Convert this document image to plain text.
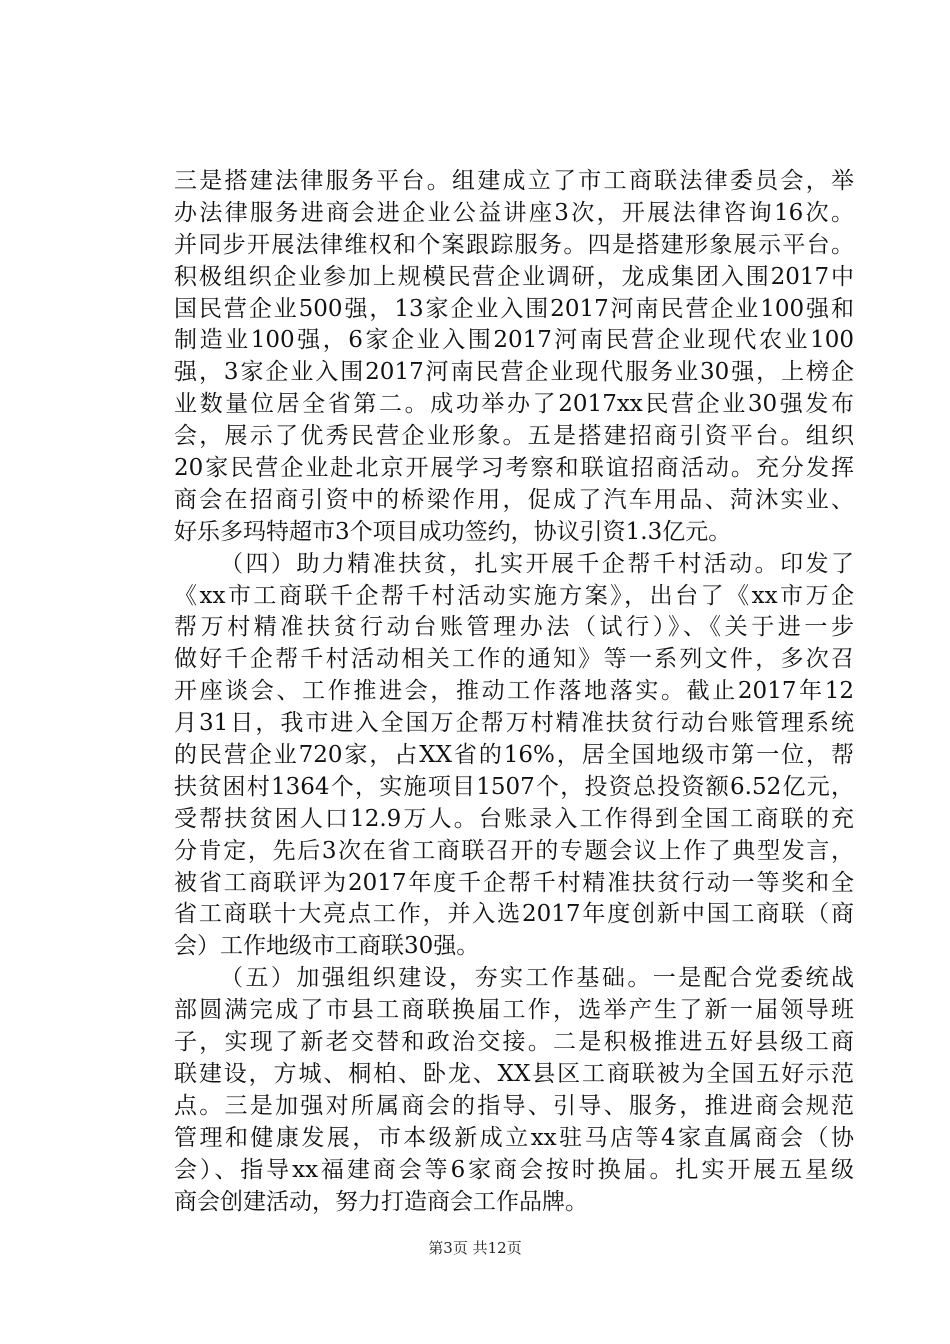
三是搭建法律服务平台。组建成立了市工商联法律委员会，举
办法律服务进商会进企业公益讲座3次，开展法律咨询16次。
并同步开展法律维权和个案跟踪服务。四是搭建形象展示平台。
积极组织企业参加上规模民营企业调研，龙成集团入围2017中
国民营企业500强，13家企业入围2017河南民营企业100强和
制造业100强，6家企业入围2017河南民营企业现代农业100
强，3家企业入围2017河南民营企业现代服务业30强，上榜企
业数量位居全省第二。成功举办了2017xx民营企业30强发布
会，展示了优秀民营企业形象。五是搭建招商引资平台。组织
20家民营企业赴北京开展学习考察和联谊招商活动。充分发挥
商会在招商引资中的桥梁作用，促成了汽车用品、菏沐实业、
好乐多玛特超市3个项目成功签约，协议引资1.3亿元。
（四）助力精准扶贫，扎实开展千企帮千村活动。印发了
《xx市工商联千企帮千村活动实施方案》，出台了《xx市万企
帮万村精准扶贫行动台账管理办法（试行）》、《关于进一步
做好千企帮千村活动相关工作的通知》等一系列文件，多次召
开座谈会、工作推进会，推动工作落地落实。截止2017年12
月31日，我市进入全国万企帮万村精准扶贫行动台账管理系统
的民营企业720家，占XX省的16%，居全国地级市第一位，帮
扶贫困村1364个，实施项目1507个，投资总投资额6.52亿元，
受帮扶贫困人口12.9万人。台账录入工作得到全国工商联的充
分肯定，先后3次在省工商联召开的专题会议上作了典型发言，
被省工商联评为2017年度千企帮千村精准扶贫行动一等奖和全
省工商联十大亮点工作，并入选2017年度创新中国工商联（商
会）工作地级市工商联30强。
（五）加强组织建设，夯实工作基础。一是配合党委统战
部圆满完成了市县工商联换届工作，选举产生了新一届领导班
子，实现了新老交替和政治交接。二是积极推进五好县级工商
联建设，方城、桐柏、卧龙、XX县区工商联被为全国五好示范
点。三是加强对所属商会的指导、引导、服务，推进商会规范
管理和健康发展，市本级新成立xx驻马店等4家直属商会（协
会）、指导xx福建商会等6家商会按时换届。扎实开展五星级
商会创建活动，努力打造商会工作品牌。
第3页 共12页
